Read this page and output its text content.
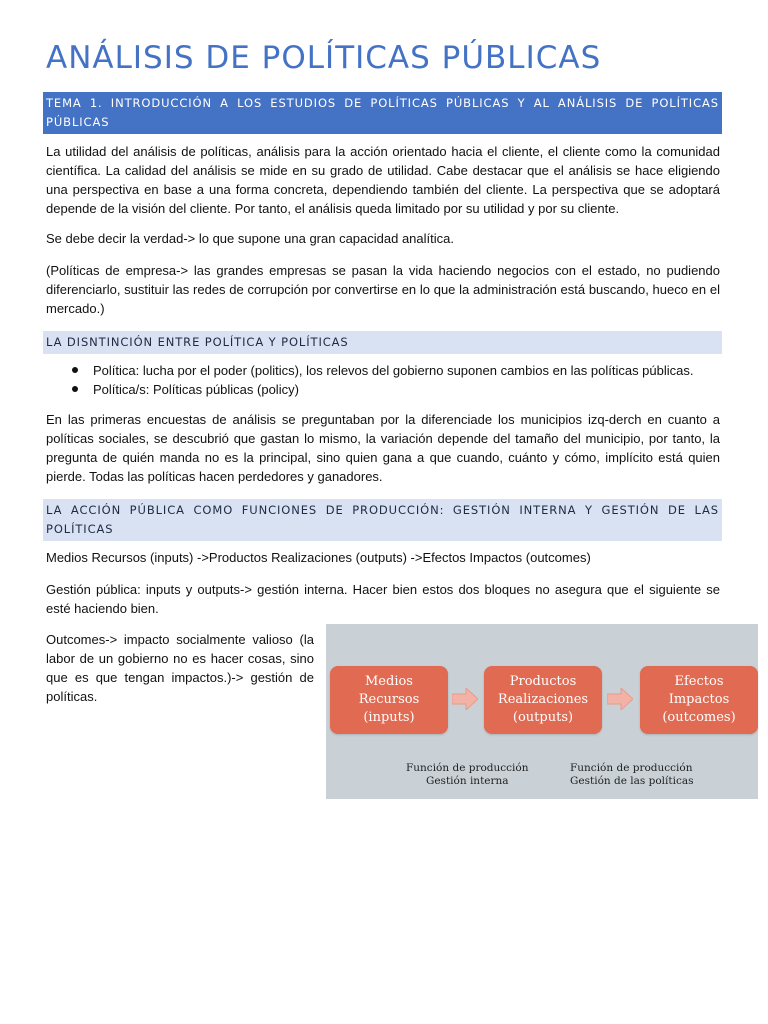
ANÁLISIS DE POLÍTICAS PÚBLICAS
TEMA 1. INTRODUCCIÓN A LOS ESTUDIOS DE POLÍTICAS PÚBLICAS Y AL ANÁLISIS DE POLÍTICAS PÚBLICAS

La utilidad del análisis de políticas, análisis para la acción orientado hacia el cliente, el cliente como la comunidad científica. La calidad del análisis se mide en su grado de utilidad. Cabe destacar que el análisis se hace eligiendo una perspectiva en base a una forma concreta, dependiendo también del cliente. La perspectiva que se adoptará depende de la visión del cliente. Por tanto, el análisis queda limitado por su utilidad y por su cliente.

Se debe decir la verdad-> lo que supone una gran capacidad analítica.

(Políticas de empresa-> las grandes empresas se pasan la vida haciendo negocios con el estado, no pudiendo diferenciarlo, sustituir las redes de corrupción por convertirse en lo que la administración está buscando, hueco en el mercado.)

LA DISNTINCIÓN ENTRE POLÍTICA Y POLÍTICAS
Política: lucha por el poder (politics), los relevos del gobierno suponen cambios en las políticas públicas.
Política/s: Políticas públicas (policy)

En las primeras encuestas de análisis se preguntaban por la diferenciade los municipios izq-derch en cuanto a políticas sociales, se descubrió que gastan lo mismo, la variación depende del tamaño del municipio, por tanto, la pregunta de quién manda no es la principal, sino quien gana a que cuando, cuánto y cómo, implícito está quien pierde. Todas las políticas hacen perdedores y ganadores.

LA ACCIÓN PÚBLICA COMO FUNCIONES DE PRODUCCIÓN: GESTIÓN INTERNA Y GESTIÓN DE LAS POLÍTICAS

Medios Recursos (inputs) ->Productos Realizaciones (outputs) ->Efectos Impactos (outcomes)

Gestión pública: inputs y outputs-> gestión interna. Hacer bien estos dos bloques no asegura que el siguiente se esté haciendo bien.

Outcomes-> impacto socialmente valioso (la labor de un gobierno no es hacer cosas, sino que es que tengan impactos.)-> gestión de políticas.

Medios
Recursos
(inputs)
Productos
Realizaciones
(outputs)
Efectos
Impactos
(outcomes)
Función de producción
Gestión interna
Función de producción
Gestión de las políticas
